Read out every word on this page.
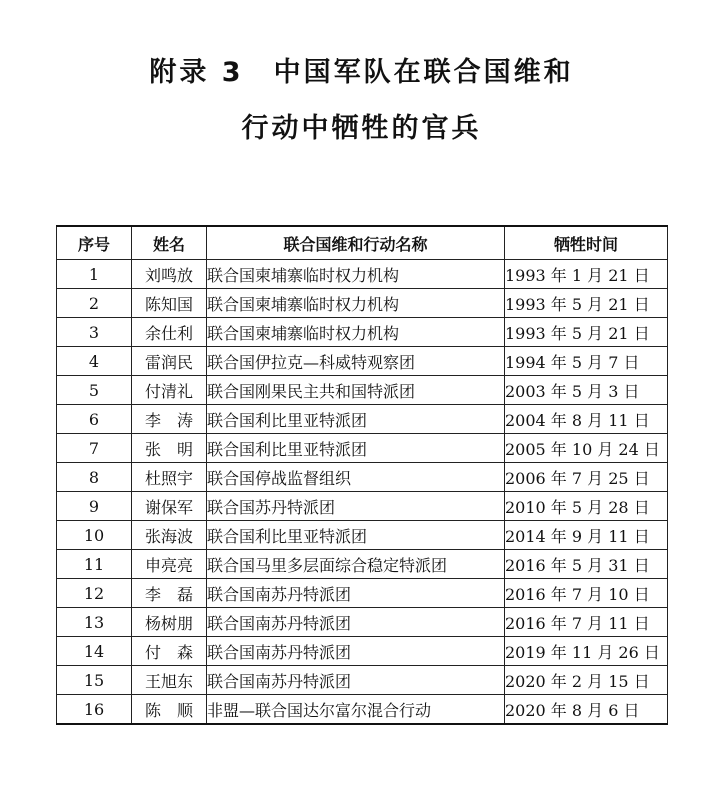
附录 3　中国军队在联合国维和
行动中牺牲的官兵
序号	姓名	联合国维和行动名称	牺牲时间
1	刘鸣放	联合国柬埔寨临时权力机构	1993 年 1 月 21 日
2	陈知国	联合国柬埔寨临时权力机构	1993 年 5 月 21 日
3	余仕利	联合国柬埔寨临时权力机构	1993 年 5 月 21 日
4	雷润民	联合国伊拉克—科威特观察团	1994 年 5 月 7 日
5	付清礼	联合国刚果民主共和国特派团	2003 年 5 月 3 日
6	李　涛	联合国利比里亚特派团	2004 年 8 月 11 日
7	张　明	联合国利比里亚特派团	2005 年 10 月 24 日
8	杜照宇	联合国停战监督组织	2006 年 7 月 25 日
9	谢保军	联合国苏丹特派团	2010 年 5 月 28 日
10	张海波	联合国利比里亚特派团	2014 年 9 月 11 日
11	申亮亮	联合国马里多层面综合稳定特派团	2016 年 5 月 31 日
12	李　磊	联合国南苏丹特派团	2016 年 7 月 10 日
13	杨树朋	联合国南苏丹特派团	2016 年 7 月 11 日
14	付　森	联合国南苏丹特派团	2019 年 11 月 26 日
15	王旭东	联合国南苏丹特派团	2020 年 2 月 15 日
16	陈　顺	非盟—联合国达尔富尔混合行动	2020 年 8 月 6 日
